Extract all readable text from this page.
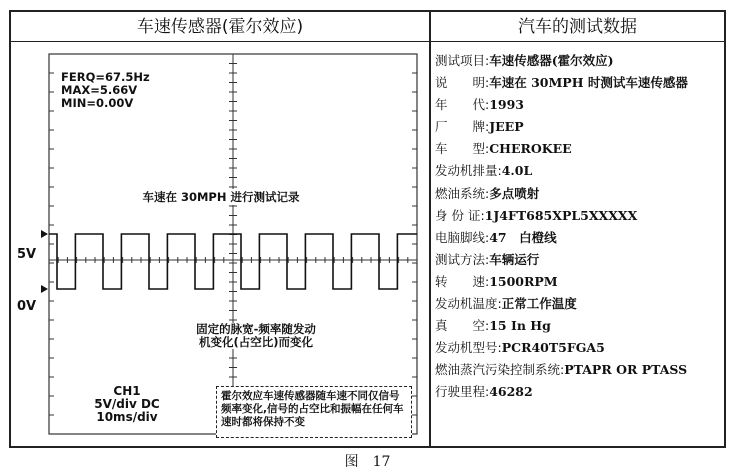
车速传感器(霍尔效应)	汽车的测试数据
FERQ=67.5Hz
MAX=5.66V
MIN=0.00V
5V
0V
车速在 30MPH 进行测试记录
固定的脉宽-频率随发动
机变化(占空比)而变化
CH1
5V/div DC
10ms/div
霍尔效应车速传感器随车速不同仅信号频率变化,信号的占空比和振幅在任何车速时都将保持不变
测试项目:车速传感器(霍尔效应)
说　　明:车速在 30MPH 时测试车速传感器
年　　代:1993
厂　　牌:JEEP
车　　型:CHEROKEE
发动机排量:4.0L
燃油系统:多点喷射
身 份 证:1J4FT685XPL5XXXXX
电脑脚线:47　白橙线
测试方法:车辆运行
转　　速:1500RPM
发动机温度:正常工作温度
真　　空:15 In Hg
发动机型号:PCR40T5FGA5
燃油蒸汽污染控制系统:PTAPR OR PTASS
行驶里程:46282
图　17
